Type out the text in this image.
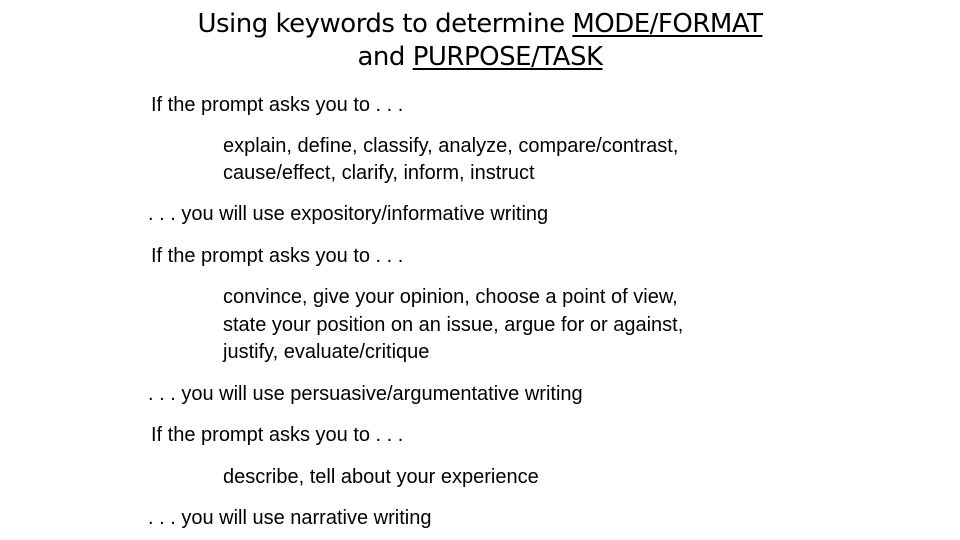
Using keywords to determine MODE/FORMAT
and PURPOSE/TASK
If the prompt asks you to . . .
explain, define, classify, analyze, compare/contrast,
cause/effect, clarify, inform, instruct
. . . you will use expository/informative writing
If the prompt asks you to . . .
convince, give your opinion, choose a point of view,
state your position on an issue, argue for or against,
justify, evaluate/critique
. . . you will use persuasive/argumentative writing
If the prompt asks you to . . .
describe, tell about your experience
. . . you will use narrative writing
